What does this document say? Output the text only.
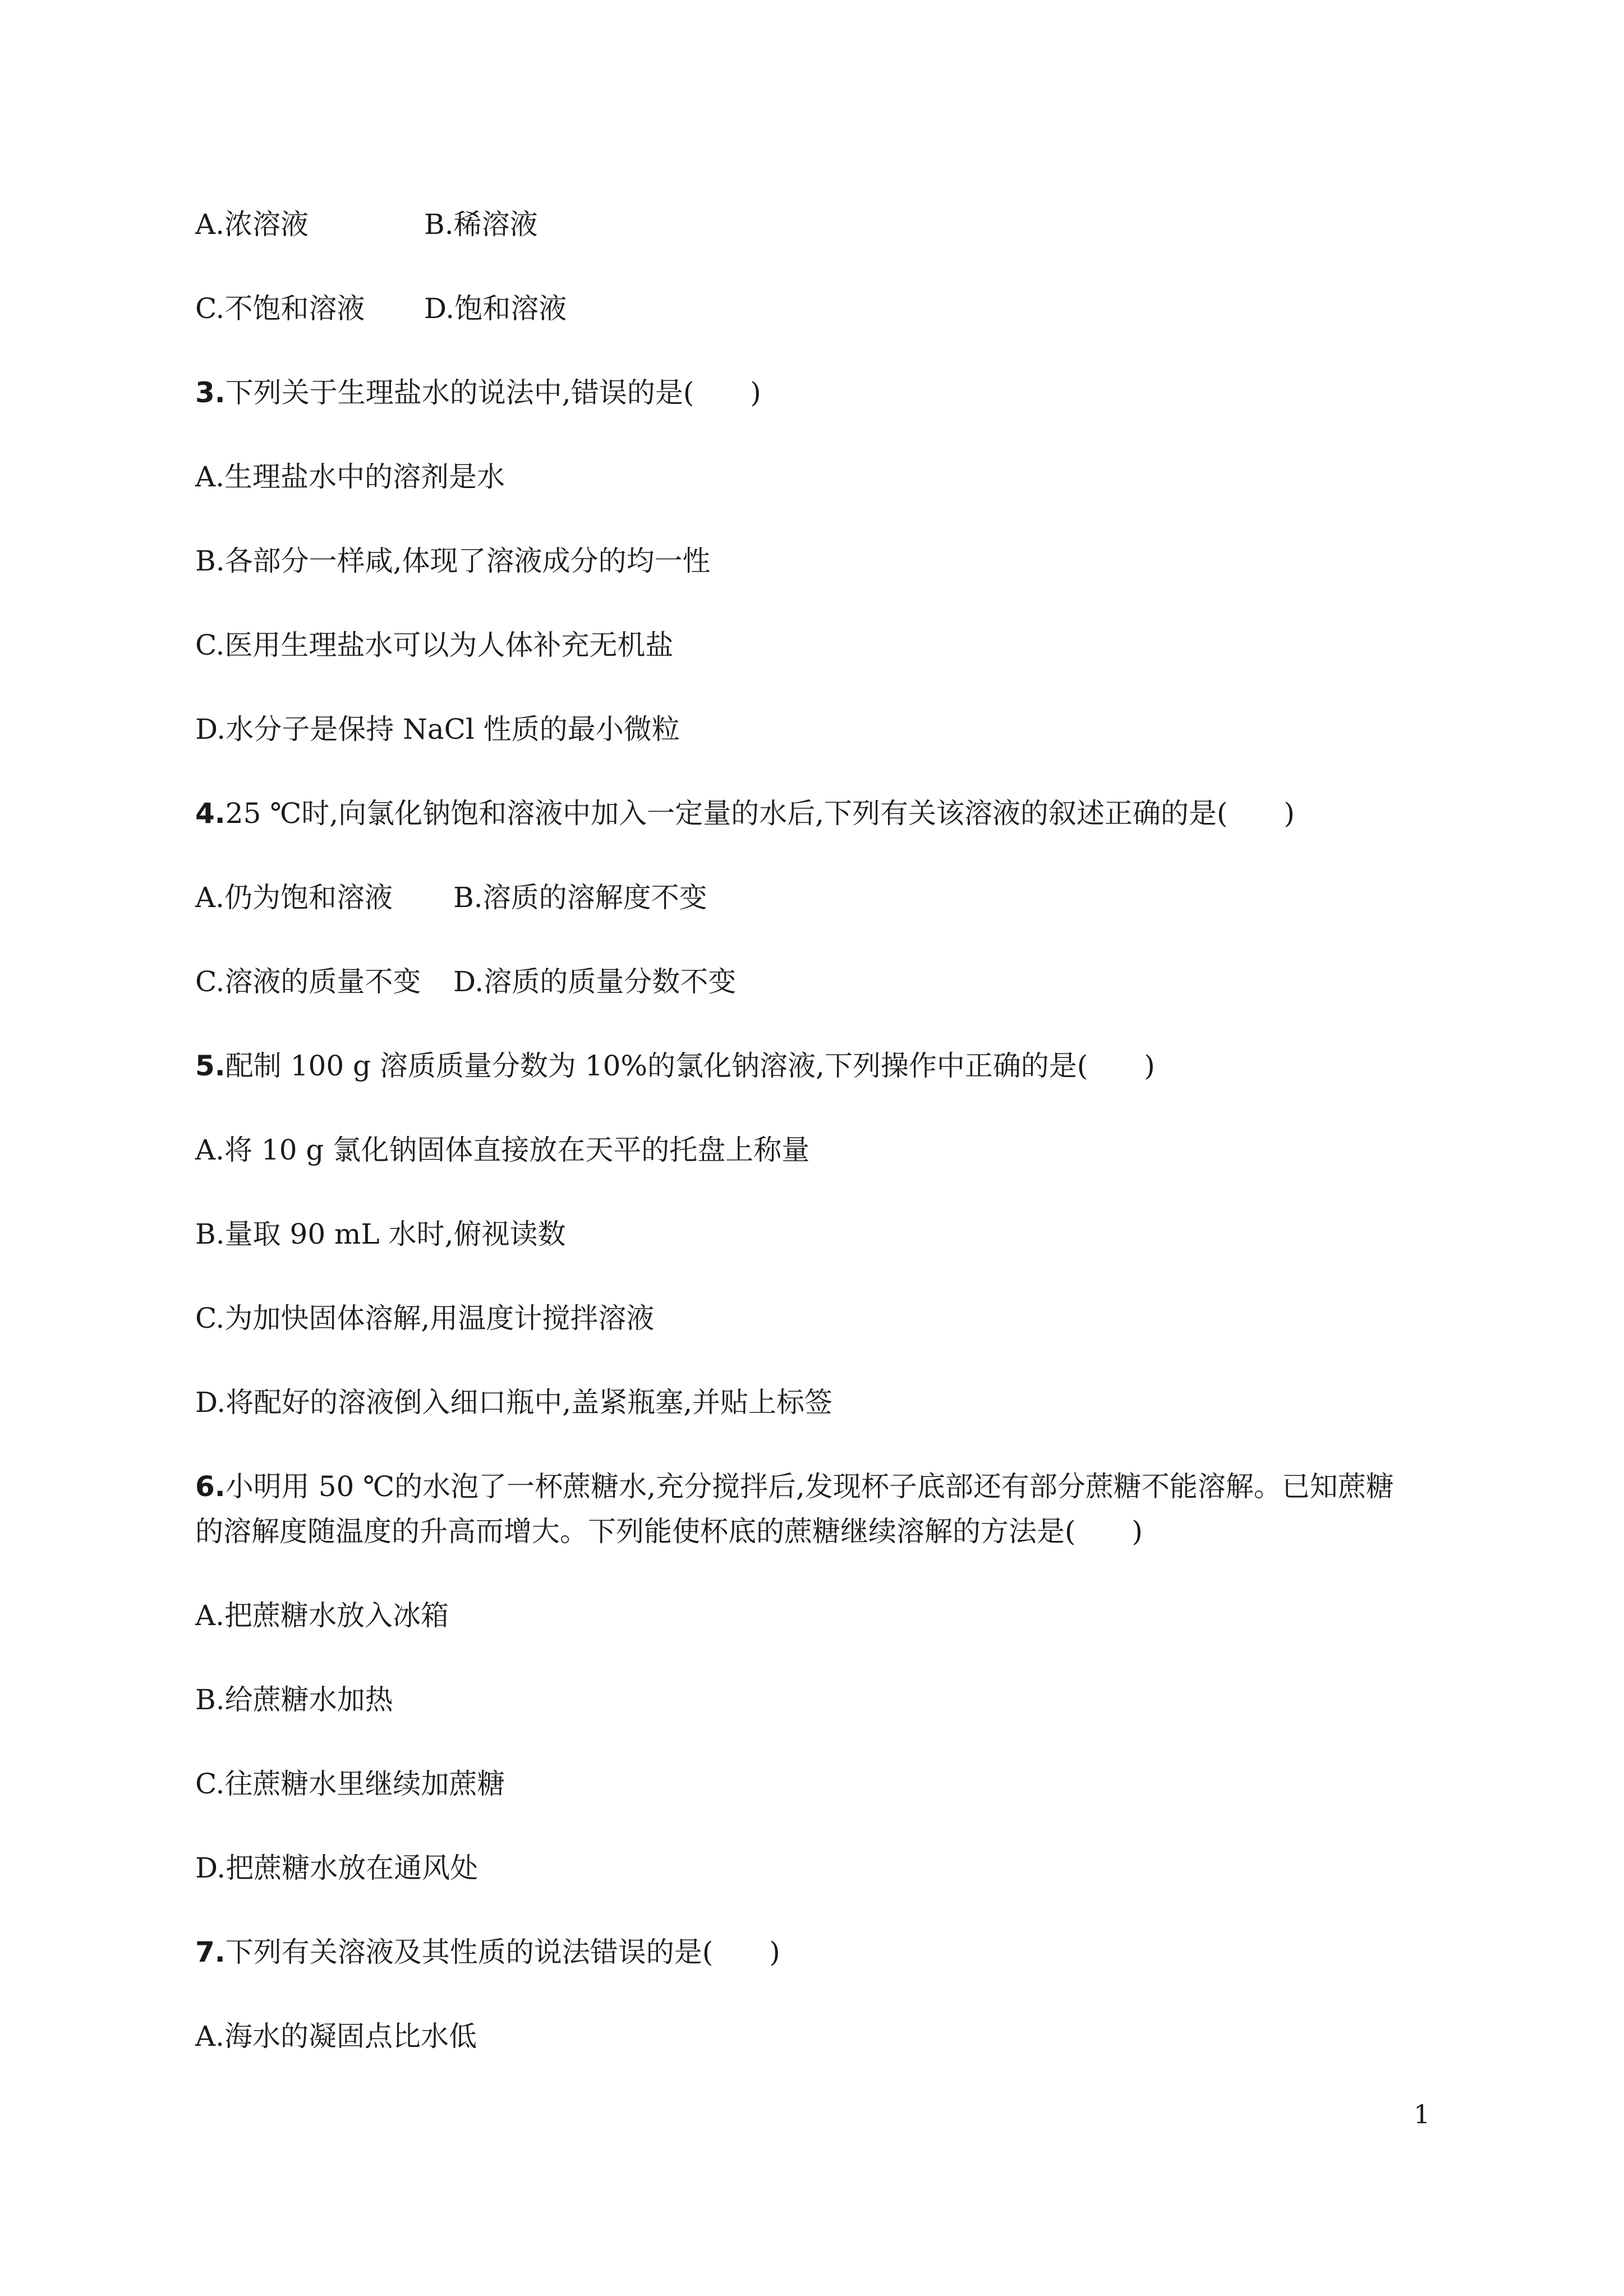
A.浓溶液	B.稀溶液
C.不饱和溶液 D.饱和溶液
3.下列关于生理盐水的说法中,错误的是(　　)
A.生理盐水中的溶剂是水
B.各部分一样咸,体现了溶液成分的均一性
C.医用生理盐水可以为人体补充无机盐
D.水分子是保持 NaCl 性质的最小微粒
4.25 ℃时,向氯化钠饱和溶液中加入一定量的水后,下列有关该溶液的叙述正确的是(　　)
A.仍为饱和溶液 B.溶质的溶解度不变
C.溶液的质量不变 D.溶质的质量分数不变
5.配制 100 g 溶质质量分数为 10%的氯化钠溶液,下列操作中正确的是(　　)
A.将 10 g 氯化钠固体直接放在天平的托盘上称量
B.量取 90 mL 水时,俯视读数
C.为加快固体溶解,用温度计搅拌溶液
D.将配好的溶液倒入细口瓶中,盖紧瓶塞,并贴上标签
6.小明用 50 ℃的水泡了一杯蔗糖水,充分搅拌后,发现杯子底部还有部分蔗糖不能溶解。已知蔗糖
的溶解度随温度的升高而增大。下列能使杯底的蔗糖继续溶解的方法是(　　)
A.把蔗糖水放入冰箱
B.给蔗糖水加热
C.往蔗糖水里继续加蔗糖
D.把蔗糖水放在通风处
7.下列有关溶液及其性质的说法错误的是(　　)
A.海水的凝固点比水低
1
